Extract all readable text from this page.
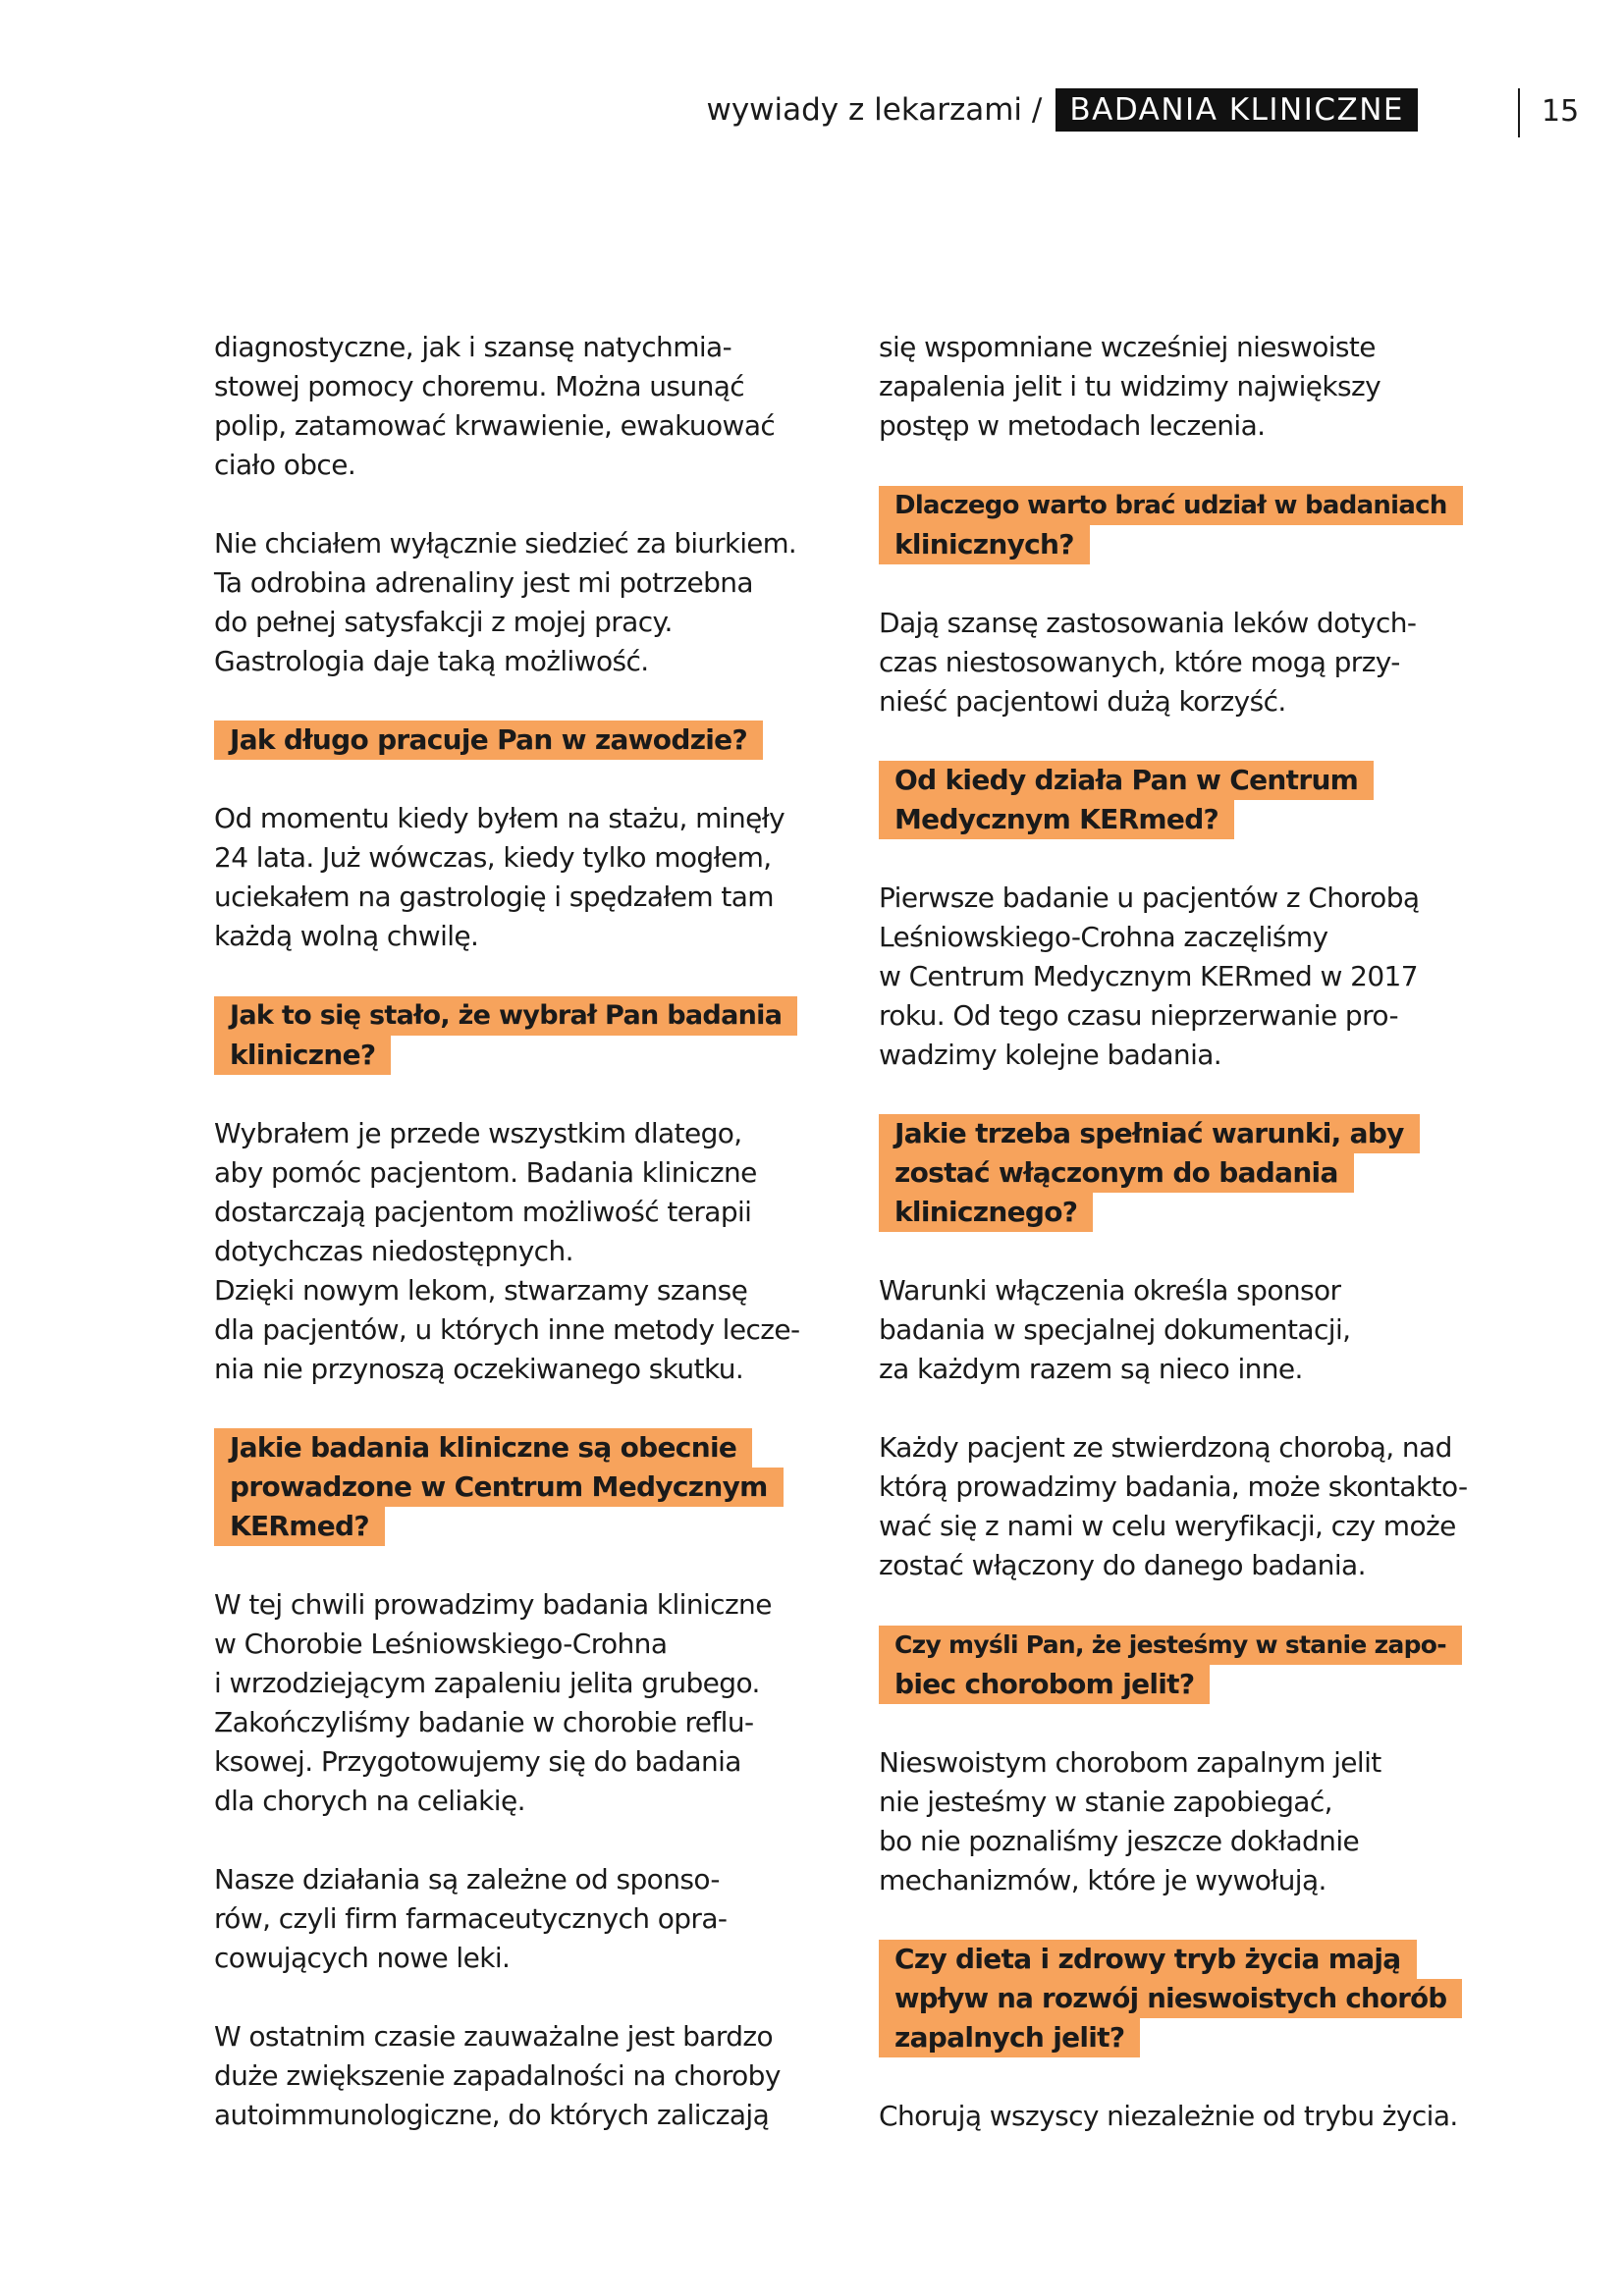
wywiady z lekarzami / BADANIA KLINICZNE	15
diagnostyczne, jak i szansę natychmia-
stowej pomocy choremu. Można usunąć
polip, zatamować krwawienie, ewakuować
ciało obce.
Nie chciałem wyłącznie siedzieć za biurkiem.
Ta odrobina adrenaliny jest mi potrzebna
do pełnej satysfakcji z mojej pracy.
Gastrologia daje taką możliwość.
Jak długo pracuje Pan w zawodzie?
Od momentu kiedy byłem na stażu, minęły
24 lata. Już wówczas, kiedy tylko mogłem,
uciekałem na gastrologię i spędzałem tam
każdą wolną chwilę.
Jak to się stało, że wybrał Pan badania
kliniczne?
Wybrałem je przede wszystkim dlatego,
aby pomóc pacjentom. Badania kliniczne
dostarczają pacjentom możliwość terapii
dotychczas niedostępnych.
Dzięki nowym lekom, stwarzamy szansę
dla pacjentów, u których inne metody lecze-
nia nie przynoszą oczekiwanego skutku.
Jakie badania kliniczne są obecnie
prowadzone w Centrum Medycznym
KERmed?
W tej chwili prowadzimy badania kliniczne
w Chorobie Leśniowskiego-Crohna
i wrzodziejącym zapaleniu jelita grubego.
Zakończyliśmy badanie w chorobie reflu-
ksowej. Przygotowujemy się do badania
dla chorych na celiakię.
Nasze działania są zależne od sponso-
rów, czyli firm farmaceutycznych opra-
cowujących nowe leki.
W ostatnim czasie zauważalne jest bardzo
duże zwiększenie zapadalności na choroby
autoimmunologiczne, do których zaliczają
się wspomniane wcześniej nieswoiste
zapalenia jelit i tu widzimy największy
postęp w metodach leczenia.
Dlaczego warto brać udział w badaniach
klinicznych?
Dają szansę zastosowania leków dotych-
czas niestosowanych, które mogą przy-
nieść pacjentowi dużą korzyść.
Od kiedy działa Pan w Centrum
Medycznym KERmed?
Pierwsze badanie u pacjentów z Chorobą
Leśniowskiego-Crohna zaczęliśmy
w Centrum Medycznym KERmed w 2017
roku. Od tego czasu nieprzerwanie pro-
wadzimy kolejne badania.
Jakie trzeba spełniać warunki, aby
zostać włączonym do badania
klinicznego?
Warunki włączenia określa sponsor
badania w specjalnej dokumentacji,
za każdym razem są nieco inne.
Każdy pacjent ze stwierdzoną chorobą, nad
którą prowadzimy badania, może skontakto-
wać się z nami w celu weryfikacji, czy może
zostać włączony do danego badania.
Czy myśli Pan, że jesteśmy w stanie zapo-
biec chorobom jelit?
Nieswoistym chorobom zapalnym jelit
nie jesteśmy w stanie zapobiegać,
bo nie poznaliśmy jeszcze dokładnie
mechanizmów, które je wywołują.
Czy dieta i zdrowy tryb życia mają
wpływ na rozwój nieswoistych chorób
zapalnych jelit?
Chorują wszyscy niezależnie od trybu życia.
